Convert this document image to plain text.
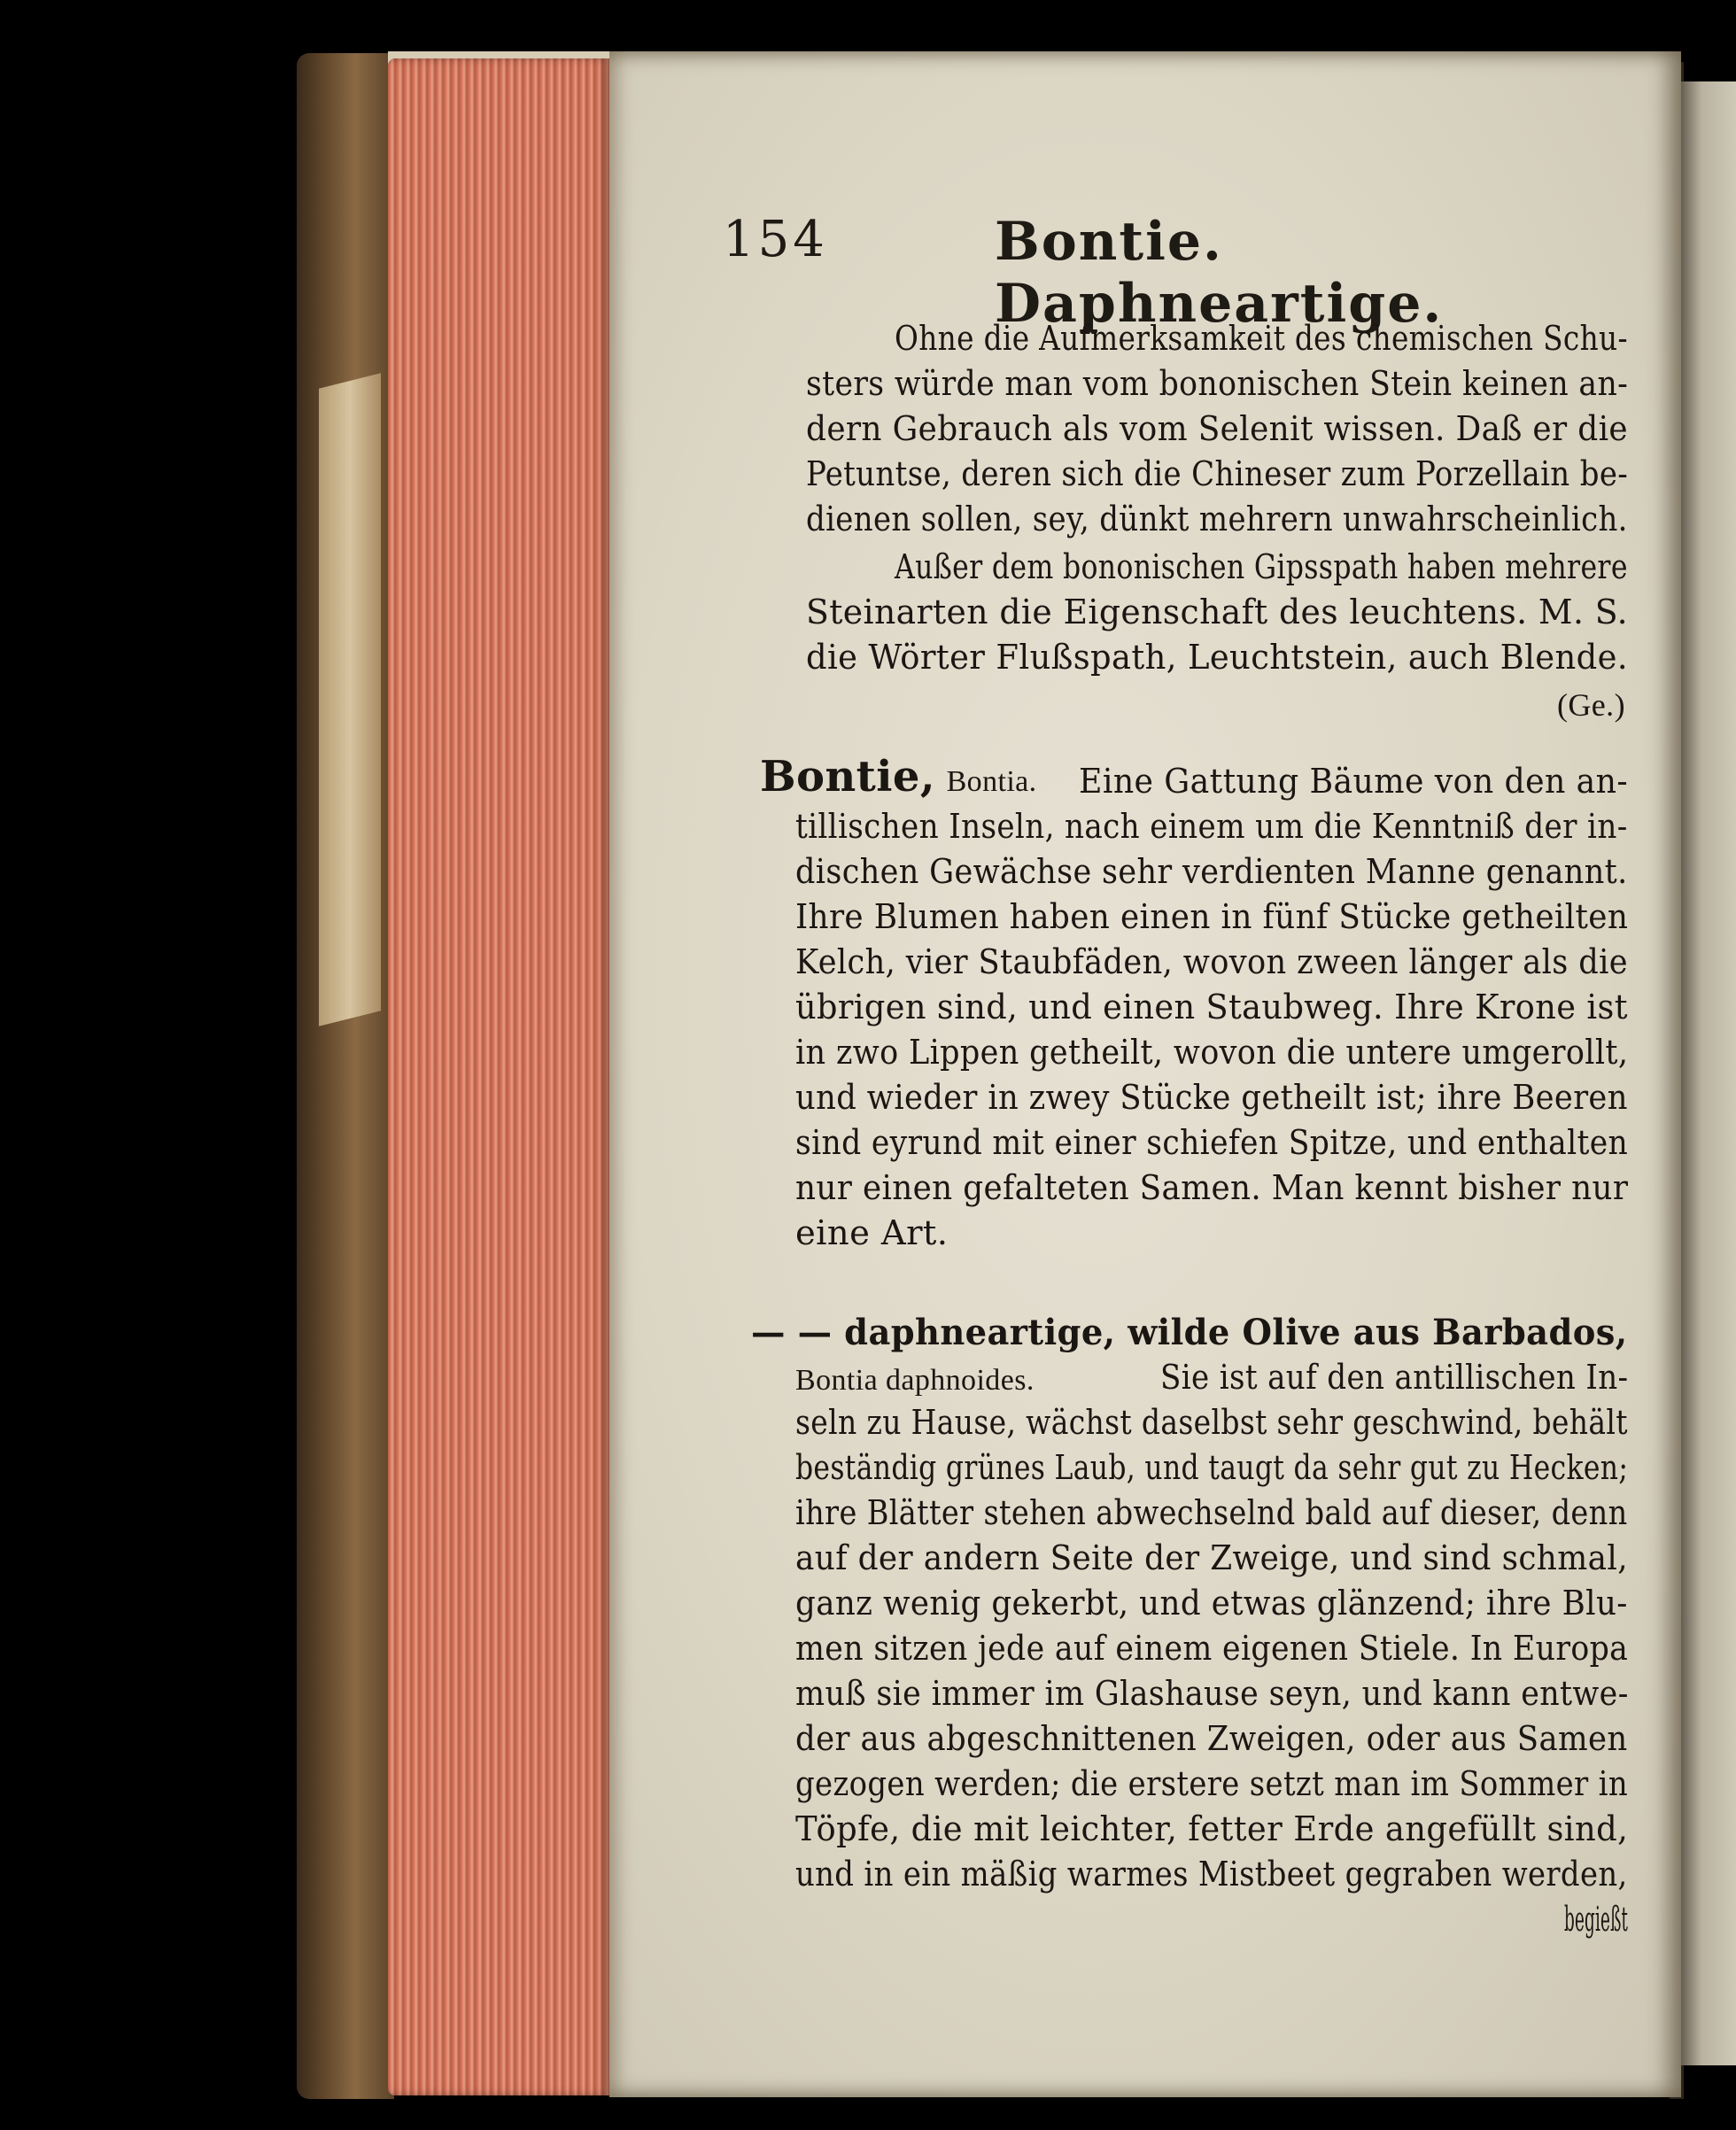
154	Bontie. Daphneartige.
Ohne die Aufmerksamkeit des chemischen Schu-
sters würde man vom bononischen Stein keinen an-
dern Gebrauch als vom Selenit wissen. Daß er die
Petuntse, deren sich die Chineser zum Porzellain be-
dienen sollen, sey, dünkt mehrern unwahrscheinlich.
Außer dem bononischen Gipsspath haben mehrere
Steinarten die Eigenschaft des leuchtens. M. S.
die Wörter Flußspath, Leuchtstein, auch Blende.
(Ge.)
Bontie, Bontia. Eine Gattung Bäume von den an-
tillischen Inseln, nach einem um die Kenntniß der in-
dischen Gewächse sehr verdienten Manne genannt.
Ihre Blumen haben einen in fünf Stücke getheilten
Kelch, vier Staubfäden, wovon zween länger als die
übrigen sind, und einen Staubweg. Ihre Krone ist
in zwo Lippen getheilt, wovon die untere umgerollt,
und wieder in zwey Stücke getheilt ist; ihre Beeren
sind eyrund mit einer schiefen Spitze, und enthalten
nur einen gefalteten Samen. Man kennt bisher nur
eine Art.
— — daphneartige, wilde Olive aus Barbados,
Bontia daphnoides.	Sie ist auf den antillischen In-
seln zu Hause, wächst daselbst sehr geschwind, behält
beständig grünes Laub, und taugt da sehr gut zu Hecken;
ihre Blätter stehen abwechselnd bald auf dieser, denn
auf der andern Seite der Zweige, und sind schmal,
ganz wenig gekerbt, und etwas glänzend; ihre Blu-
men sitzen jede auf einem eigenen Stiele. In Europa
muß sie immer im Glashause seyn, und kann entwe-
der aus abgeschnittenen Zweigen, oder aus Samen
gezogen werden; die erstere setzt man im Sommer in
Töpfe, die mit leichter, fetter Erde angefüllt sind,
und in ein mäßig warmes Mistbeet gegraben werden,
begießt
